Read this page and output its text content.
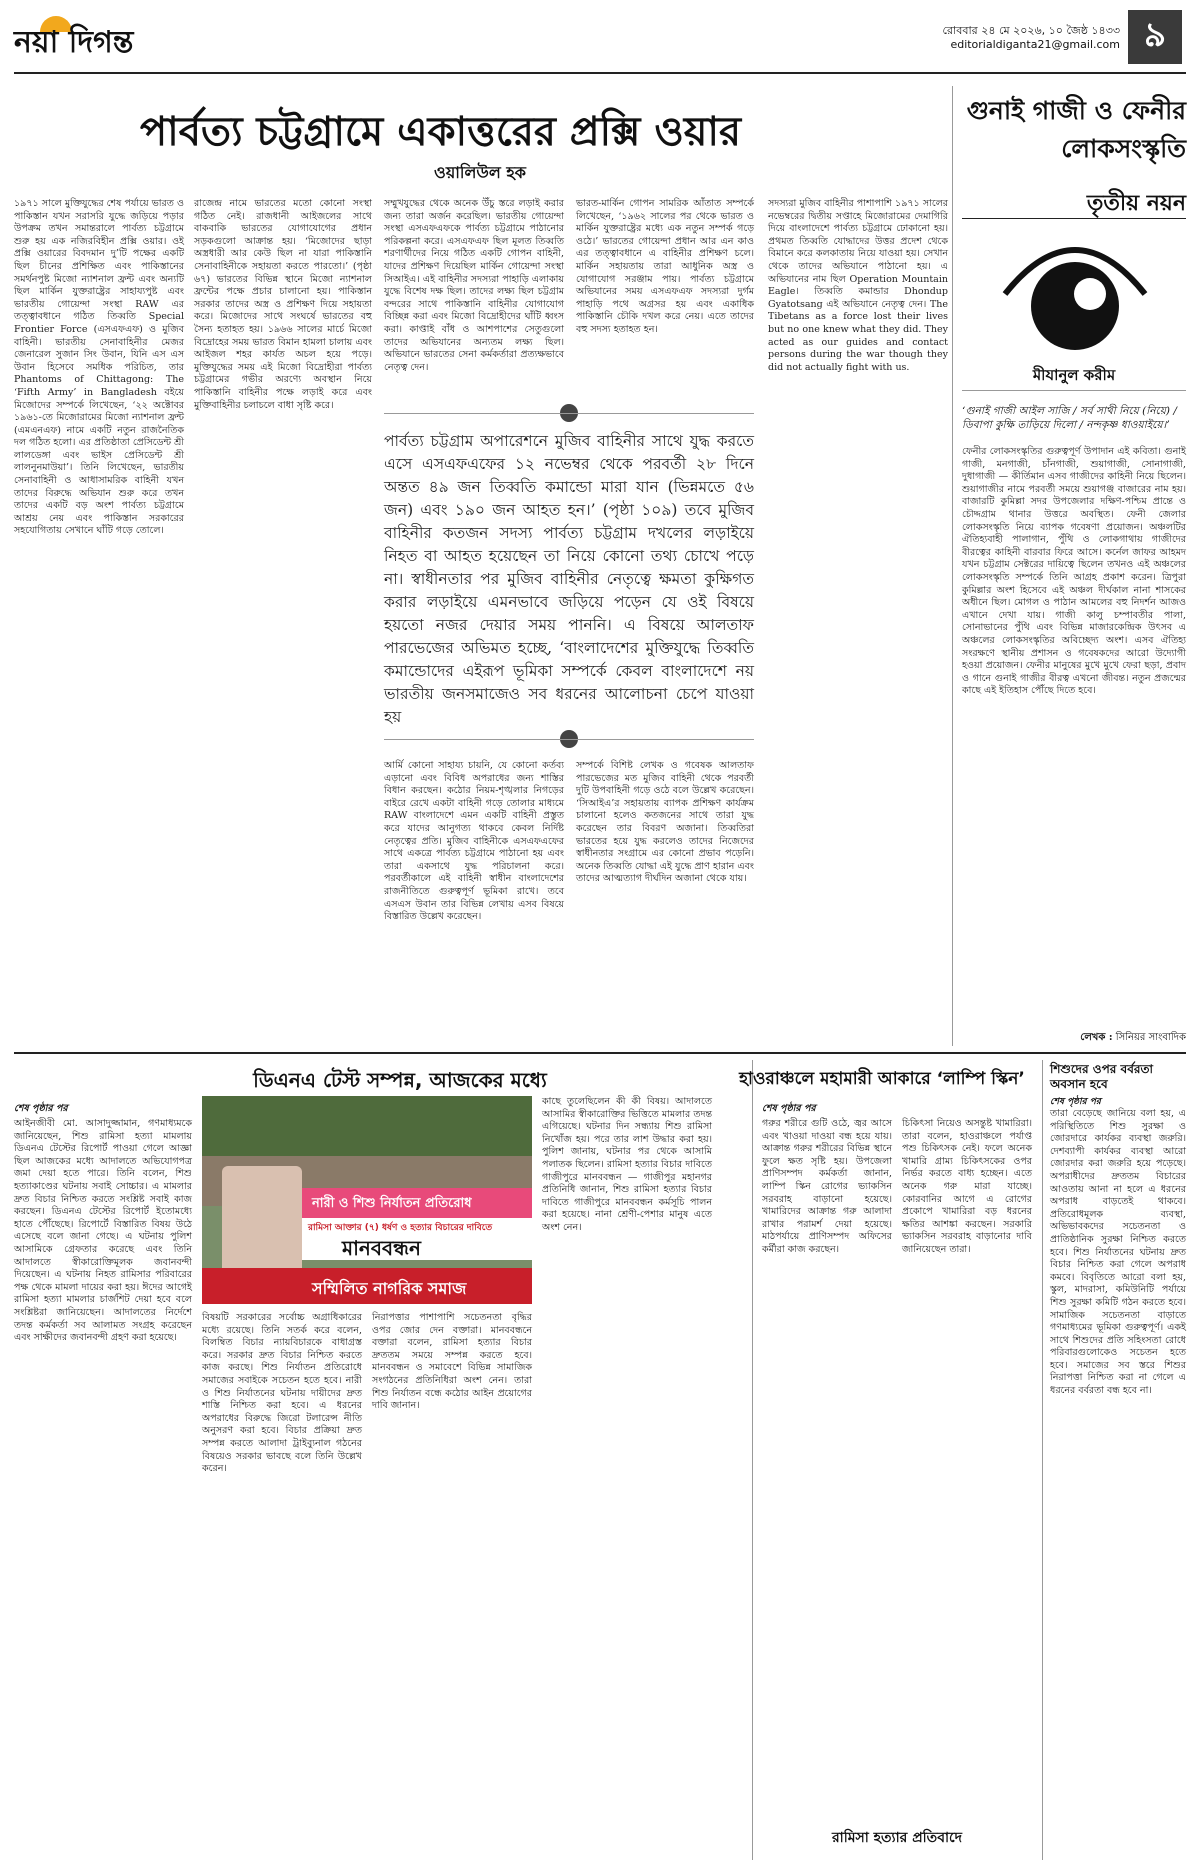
নয়া দিগন্ত	রোববার ২৪ মে ২০২৬, ১০ জৈষ্ঠ ১৪৩৩
editorialdiganta21@gmail.com ৯
পার্বত্য চট্টগ্রামে একাত্তরের প্রক্সি ওয়ার
ওয়ালিউল হক
১৯৭১ সালে মুক্তিযুদ্ধের শেষ পর্যায়ে ভারত ও পাকিস্তান যখন সরাসরি যুদ্ধে জড়িয়ে পড়ার উপক্রম তখন সমান্তরালে পার্বত্য চট্টগ্রামে শুরু হয় এক নজিরবিহীন প্রক্সি ওয়ার। ওই প্রক্সি ওয়ারের বিবদমান দু’টি পক্ষের একটি ছিল চীনের প্রশিক্ষিত এবং পাকিস্তানের সমর্থনপুষ্ট মিজো ন্যাশনাল ফ্রন্ট এবং অন্যটি ছিল মার্কিন যুক্তরাষ্ট্রের সাহায্যপুষ্ট এবং ভারতীয় গোয়েন্দা সংস্থা RAW এর তত্ত্বাবধানে গঠিত তিব্বতি Special Frontier Force (এসএফএফ) ও মুজিব বাহিনী। ভারতীয় সেনাবাহিনীর মেজর জেনারেল সুজান সিং উবান, যিনি এস এস উবান হিসেবে সমধিক পরিচিত, তার Phantoms of Chittagong: The ‘Fifth Army’ in Bangladesh বইয়ে মিজোদের সম্পর্কে লিখেছেন, ‘২২ অক্টোবর ১৯৬১-তে মিজোরামের মিজো ন্যাশনাল ফ্রন্ট (এমএনএফ) নামে একটি নতুন রাজনৈতিক দল গঠিত হলো। এর প্রতিষ্ঠাতা প্রেসিডেন্ট শ্রী লালডেঙ্গা এবং ভাইস প্রেসিডেন্ট শ্রী লালনুনমাউয়া’। তিনি লিখেছেন, ভারতীয় সেনাবাহিনী ও আধাসামরিক বাহিনী যখন তাদের বিরুদ্ধে অভিযান শুরু করে তখন তাদের একটি বড় অংশ পার্বত্য চট্টগ্রামে আশ্রয় নেয় এবং পাকিস্তান সরকারের সহযোগিতায় সেখানে ঘাঁটি গড়ে তোলে।
রাজেন্দ্র নামে ভারতের মতো কোনো সংস্থা গঠিত নেই। রাজধানী আইজলের সাথে বাকবাকি ভারতের যোগাযোগের প্রধান সড়কগুলো আক্রান্ত হয়। ‘মিজোদের ছাড়া অস্ত্রধারী আর কেউ ছিল না যারা পাকিস্তানি সেনাবাহিনীকে সহায়তা করতে পারতো।’ (পৃষ্ঠা ৬৭) ভারতের বিভিন্ন স্থানে মিজো ন্যাশনাল ফ্রন্টের পক্ষে প্রচার চালানো হয়। পাকিস্তান সরকার তাদের অস্ত্র ও প্রশিক্ষণ দিয়ে সহায়তা করে। মিজোদের সাথে সংঘর্ষে ভারতের বহু সৈন্য হতাহত হয়। ১৯৬৬ সালের মার্চে মিজো বিদ্রোহের সময় ভারত বিমান হামলা চালায় এবং আইজল শহর কার্যত অচল হয়ে পড়ে। মুক্তিযুদ্ধের সময় এই মিজো বিদ্রোহীরা পার্বত্য চট্টগ্রামের গভীর অরণ্যে অবস্থান নিয়ে পাকিস্তানি বাহিনীর পক্ষে লড়াই করে এবং মুক্তিবাহিনীর চলাচলে বাধা সৃষ্টি করে।
সম্মুখযুদ্ধের থেকে অনেক উঁচু স্তরে লড়াই করার জন্য তারা অর্জন করেছিল। ভারতীয় গোয়েন্দা সংস্থা এসএফএফকে পার্বত্য চট্টগ্রামে পাঠানোর পরিকল্পনা করে। এসএফএফ ছিল মূলত তিব্বতি শরণার্থীদের নিয়ে গঠিত একটি গোপন বাহিনী, যাদের প্রশিক্ষণ দিয়েছিল মার্কিন গোয়েন্দা সংস্থা সিআইএ। এই বাহিনীর সদস্যরা পাহাড়ি এলাকায় যুদ্ধে বিশেষ দক্ষ ছিল। তাদের লক্ষ্য ছিল চট্টগ্রাম বন্দরের সাথে পাকিস্তানি বাহিনীর যোগাযোগ বিচ্ছিন্ন করা এবং মিজো বিদ্রোহীদের ঘাঁটি ধ্বংস করা। কাপ্তাই বাঁধ ও আশপাশের সেতুগুলো তাদের অভিযানের অন্যতম লক্ষ্য ছিল। অভিযানে ভারতের সেনা কর্মকর্তারা প্রত্যক্ষভাবে নেতৃত্ব দেন।
ভারত-মার্কিন গোপন সামরিক আঁতাত সম্পর্কে লিখেছেন, ‘১৯৬২ সালের পর থেকে ভারত ও মার্কিন যুক্তরাষ্ট্রের মধ্যে এক নতুন সম্পর্ক গড়ে ওঠে।’ ভারতের গোয়েন্দা প্রধান আর এন কাও এর তত্ত্বাবধানে এ বাহিনীর প্রশিক্ষণ চলে। মার্কিন সহায়তায় তারা আধুনিক অস্ত্র ও যোগাযোগ সরঞ্জাম পায়। পার্বত্য চট্টগ্রামে অভিযানের সময় এসএফএফ সদস্যরা দুর্গম পাহাড়ি পথে অগ্রসর হয় এবং একাধিক পাকিস্তানি চৌকি দখল করে নেয়। এতে তাদের বহু সদস্য হতাহত হন।
সদস্যরা মুজিব বাহিনীর পাশাপাশি ১৯৭১ সালের নভেম্বরের দ্বিতীয় সপ্তাহে মিজোরামের দেমাগিরি দিয়ে বাংলাদেশে পার্বত্য চট্টগ্রামে ঢোকানো হয়। প্রথমত তিব্বতি যোদ্ধাদের উত্তর প্রদেশ থেকে বিমানে করে কলকাতায় নিয়ে যাওয়া হয়। সেখান থেকে তাদের অভিযানে পাঠানো হয়। এ অভিযানের নাম ছিল Operation Mountain Eagle। তিব্বতি কমান্ডার Dhondup Gyatotsang এই অভিযানে নেতৃত্ব দেন। The Tibetans as a force lost their lives but no one knew what they did. They acted as our guides and contact persons during the war though they did not actually fight with us.
পার্বত্য চট্টগ্রাম অপারেশনে মুজিব বাহিনীর সাথে যুদ্ধ করতে এসে এসএফএফের ১২ নভেম্বর থেকে পরবর্তী ২৮ দিনে অন্তত ৪৯ জন তিব্বতি কমান্ডো মারা যান (ভিন্নমতে ৫৬ জন) এবং ১৯০ জন আহত হন।’ (পৃষ্ঠা ১০৯) তবে মুজিব বাহিনীর কতজন সদস্য পার্বত্য চট্টগ্রাম দখলের লড়াইয়ে নিহত বা আহত হয়েছেন তা নিয়ে কোনো তথ্য চোখে পড়ে না। স্বাধীনতার পর মুজিব বাহিনীর নেতৃত্বে ক্ষমতা কুক্ষিগত করার লড়াইয়ে এমনভাবে জড়িয়ে পড়েন যে ওই বিষয়ে হয়তো নজর দেয়ার সময় পাননি। এ বিষয়ে আলতাফ পারভেজের অভিমত হচ্ছে, ‘বাংলাদেশের মুক্তিযুদ্ধে তিব্বতি কমান্ডোদের এইরূপ ভূমিকা সম্পর্কে কেবল বাংলাদেশে নয় ভারতীয় জনসমাজেও সব ধরনের আলোচনা চেপে যাওয়া হয়
আর্মি কোনো সাহায্য চায়নি, যে কোনো কর্তব্য এড়ানো এবং বিবিধ অপরাধের জন্য শাস্তির বিধান করছেন। কঠোর নিয়ম-শৃঙ্খলার নিগড়ের বাইরে রেখে একটা বাহিনী গড়ে তোলার মাধ্যমে RAW বাংলাদেশে এমন একটি বাহিনী প্রস্তুত করে যাদের আনুগত্য থাকবে কেবল নির্দিষ্ট নেতৃত্বের প্রতি। মুজিব বাহিনীকে এসএফএফের সাথে একত্রে পার্বত্য চট্টগ্রামে পাঠানো হয় এবং তারা একসাথে যুদ্ধ পরিচালনা করে। পরবর্তীকালে এই বাহিনী স্বাধীন বাংলাদেশের রাজনীতিতে গুরুত্বপূর্ণ ভূমিকা রাখে। তবে এসএস উবান তার বিভিন্ন লেখায় এসব বিষয়ে বিস্তারিত উল্লেখ করেছেন।
সম্পর্কে বিশিষ্ট লেখক ও গবেষক আলতাফ পারভেজের মত মুজিব বাহিনী থেকে পরবর্তী দুটি উপবাহিনী গড়ে ওঠে বলে উল্লেখ করেছেন। ‘সিআইএ’র সহায়তায় ব্যাপক প্রশিক্ষণ কার্যক্রম চালানো হলেও কতজনের সাথে তারা যুদ্ধ করেছেন তার বিবরণ অজানা। তিব্বতিরা ভারতের হয়ে যুদ্ধ করলেও তাদের নিজেদের স্বাধীনতার সংগ্রামে এর কোনো প্রভাব পড়েনি। অনেক তিব্বতি যোদ্ধা এই যুদ্ধে প্রাণ হারান এবং তাদের আত্মত্যাগ দীর্ঘদিন অজানা থেকে যায়।
গুনাই গাজী ও ফেনীর লোকসংস্কৃতি
তৃতীয় নয়ন
মীযানুল করীম
‘গুনাই গাজী আইল সাজি / সর্ব সাথী নিয়ে (নিয়ে) / ডিবাপা কুক্ষি তাড়িয়ে দিলো / নন্দকৃষ্ণ ধাওয়াইয়ে।’
ফেনীর লোকসংস্কৃতির গুরুত্বপূর্ণ উপাদান এই কবিতা। গুনাই গাজী, মনগাজী, চাঁনগাজী, শুয়াগাজী, সোনাগাজী, দুধাগাজী — কীর্তিমান এসব গাজীদের কাহিনী নিয়ে ছিলেন। শুয়াগাজীর নামে পরবর্তী সময়ে শুয়াগঞ্জ বাজারের নাম হয়। বাজারটি কুমিল্লা সদর উপজেলার দক্ষিণ-পশ্চিম প্রান্তে ও চৌদ্দগ্রাম থানার উত্তরে অবস্থিত। ফেনী জেলার লোকসংস্কৃতি নিয়ে ব্যাপক গবেষণা প্রয়োজন। অঞ্চলটির ঐতিহ্যবাহী পালাগান, পুঁথি ও লোকগাথায় গাজীদের বীরত্বের কাহিনী বারবার ফিরে আসে। কর্নেল জাফর আহমদ যখন চট্টগ্রাম সেক্টরের দায়িত্বে ছিলেন তখনও এই অঞ্চলের লোকসংস্কৃতি সম্পর্কে তিনি আগ্রহ প্রকাশ করেন। ত্রিপুরা কুমিল্লার অংশ হিসেবে এই অঞ্চল দীর্ঘকাল নানা শাসকের অধীনে ছিল। মোগল ও পাঠান আমলের বহু নিদর্শন আজও এখানে দেখা যায়। গাজী কালু চম্পাবতীর পালা, সোনাভানের পুঁথি এবং বিভিন্ন মাজারকেন্দ্রিক উৎসব এ অঞ্চলের লোকসংস্কৃতির অবিচ্ছেদ্য অংশ। এসব ঐতিহ্য সংরক্ষণে স্থানীয় প্রশাসন ও গবেষকদের আরো উদ্যোগী হওয়া প্রয়োজন। ফেনীর মানুষের মুখে মুখে ফেরা ছড়া, প্রবাদ ও গানে গুনাই গাজীর বীরত্ব এখনো জীবন্ত। নতুন প্রজন্মের কাছে এই ইতিহাস পৌঁছে দিতে হবে।
লেখক : সিনিয়র সাংবাদিক
ডিএনএ টেস্ট সম্পন্ন, আজকের মধ্যে
শেষ পৃষ্ঠার পর
আইনজীবী মো. আসাদুজ্জামান, গণমাধ্যমকে জানিয়েছেন, শিশু রামিসা হত্যা মামলায় ডিএনএ টেস্টের রিপোর্ট পাওয়া গেলে আজ্ঞা ছিল আজকের মধ্যে আদালতে অভিযোগপত্র জমা দেয়া হতে পারে। তিনি বলেন, শিশু হত্যাকাণ্ডের ঘটনায় সবাই সোচ্চার। এ মামলার দ্রুত বিচার নিশ্চিত করতে সংশ্লিষ্ট সবাই কাজ করছেন। ডিএনএ টেস্টের রিপোর্ট ইতোমধ্যে হাতে পৌঁছেছে। রিপোর্টে বিস্তারিত বিষয় উঠে এসেছে বলে জানা গেছে। এ ঘটনায় পুলিশ আসামিকে গ্রেফতার করেছে এবং তিনি আদালতে স্বীকারোক্তিমূলক জবানবন্দী দিয়েছেন। এ ঘটনায় নিহত রামিসার পরিবারের পক্ষ থেকে মামলা দায়ের করা হয়। ঈদের আগেই রামিসা হত্যা মামলার চার্জশিট দেয়া হবে বলে সংশ্লিষ্টরা জানিয়েছেন। আদালতের নির্দেশে তদন্ত কর্মকর্তা সব আলামত সংগ্রহ করেছেন এবং সাক্ষীদের জবানবন্দী গ্রহণ করা হয়েছে।
নারী ও শিশু নির্যাতন প্রতিরোধ
রামিসা আক্তার (৭) ধর্ষণ ও হত্যার বিচারের দাবিতে
মানববন্ধন
সম্মিলিত নাগরিক সমাজ
বিষয়টি সরকারের সর্বোচ্চ অগ্রাধিকারের মধ্যে রয়েছে। তিনি সতর্ক করে বলেন, বিলম্বিত বিচার ন্যায়বিচারকে বাধাগ্রস্ত করে। সরকার দ্রুত বিচার নিশ্চিত করতে কাজ করছে। শিশু নির্যাতন প্রতিরোধে সমাজের সবাইকে সচেতন হতে হবে। নারী ও শিশু নির্যাতনের ঘটনায় দায়ীদের দ্রুত শাস্তি নিশ্চিত করা হবে। এ ধরনের অপরাধের বিরুদ্ধে জিরো টলারেন্স নীতি অনুসরণ করা হবে। বিচার প্রক্রিয়া দ্রুত সম্পন্ন করতে আলাদা ট্রাইব্যুনাল গঠনের বিষয়েও সরকার ভাবছে বলে তিনি উল্লেখ করেন।
নিরাপত্তার পাশাপাশি সচেতনতা বৃদ্ধির ওপর জোর দেন বক্তারা। মানববন্ধনে বক্তারা বলেন, রামিসা হত্যার বিচার দ্রুততম সময়ে সম্পন্ন করতে হবে। মানববন্ধন ও সমাবেশে বিভিন্ন সামাজিক সংগঠনের প্রতিনিধিরা অংশ নেন। তারা শিশু নির্যাতন বন্ধে কঠোর আইন প্রয়োগের দাবি জানান।
কাছে তুলেছিলেন কী কী বিষয়। আদালতে আসামির স্বীকারোক্তির ভিত্তিতে মামলার তদন্ত এগিয়েছে। ঘটনার দিন সন্ধ্যায় শিশু রামিসা নিখোঁজ হয়। পরে তার লাশ উদ্ধার করা হয়। পুলিশ জানায়, ঘটনার পর থেকে আসামি পলাতক ছিলেন। রামিসা হত্যার বিচার দাবিতে গাজীপুরে মানববন্ধন — গাজীপুর মহানগর প্রতিনিধি জানান, শিশু রামিসা হত্যার বিচার দাবিতে গাজীপুরে মানববন্ধন কর্মসূচি পালন করা হয়েছে। নানা শ্রেণী-পেশার মানুষ এতে অংশ নেন।
হাওরাঞ্চলে মহামারী আকারে ‘লাম্পি স্কিন’
শেষ পৃষ্ঠার পর
গরুর শরীরে গুটি ওঠে, জ্বর আসে এবং খাওয়া দাওয়া বন্ধ হয়ে যায়। আক্রান্ত গরুর শরীরের বিভিন্ন স্থানে ফুলে ক্ষত সৃষ্টি হয়। উপজেলা প্রাণিসম্পদ কর্মকর্তা জানান, লাম্পি স্কিন রোগের ভ্যাকসিন সরবরাহ বাড়ানো হয়েছে। খামারিদের আক্রান্ত গরু আলাদা রাখার পরামর্শ দেয়া হয়েছে। মাঠপর্যায়ে প্রাণিসম্পদ অফিসের কর্মীরা কাজ করছেন।
চিকিৎসা নিয়েও অসন্তুষ্ট খামারিরা। তারা বলেন, হাওরাঞ্চলে পর্যাপ্ত পশু চিকিৎসক নেই। ফলে অনেক খামারি গ্রাম্য চিকিৎসকের ওপর নির্ভর করতে বাধ্য হচ্ছেন। এতে অনেক গরু মারা যাচ্ছে। কোরবানির আগে এ রোগের প্রকোপে খামারিরা বড় ধরনের ক্ষতির আশঙ্কা করছেন। সরকারি ভ্যাকসিন সরবরাহ বাড়ানোর দাবি জানিয়েছেন তারা।
রামিসা হত্যার প্রতিবাদে
শিশুদের ওপর বর্বরতা অবসান হবে
শেষ পৃষ্ঠার পর
তারা বেড়েছে জানিয়ে বলা হয়, এ পরিস্থিতিতে শিশু সুরক্ষা ও জোরদারে কার্যকর ব্যবস্থা জরুরি। দেশব্যাপী কার্যকর ব্যবস্থা আরো জোরদার করা জরুরি হয়ে পড়েছে। অপরাধীদের দ্রুততম বিচারের আওতায় আনা না হলে এ ধরনের অপরাধ বাড়তেই থাকবে। প্রতিরোধমূলক ব্যবস্থা, অভিভাবকদের সচেতনতা ও প্রাতিষ্ঠানিক সুরক্ষা নিশ্চিত করতে হবে। শিশু নির্যাতনের ঘটনায় দ্রুত বিচার নিশ্চিত করা গেলে অপরাধ কমবে। বিবৃতিতে আরো বলা হয়, স্কুল, মাদরাসা, কমিউনিটি পর্যায়ে শিশু সুরক্ষা কমিটি গঠন করতে হবে। সামাজিক সচেতনতা বাড়াতে গণমাধ্যমের ভূমিকা গুরুত্বপূর্ণ। একই সাথে শিশুদের প্রতি সহিংসতা রোধে পরিবারগুলোকেও সচেতন হতে হবে। সমাজের সব স্তরে শিশুর নিরাপত্তা নিশ্চিত করা না গেলে এ ধরনের বর্বরতা বন্ধ হবে না।
